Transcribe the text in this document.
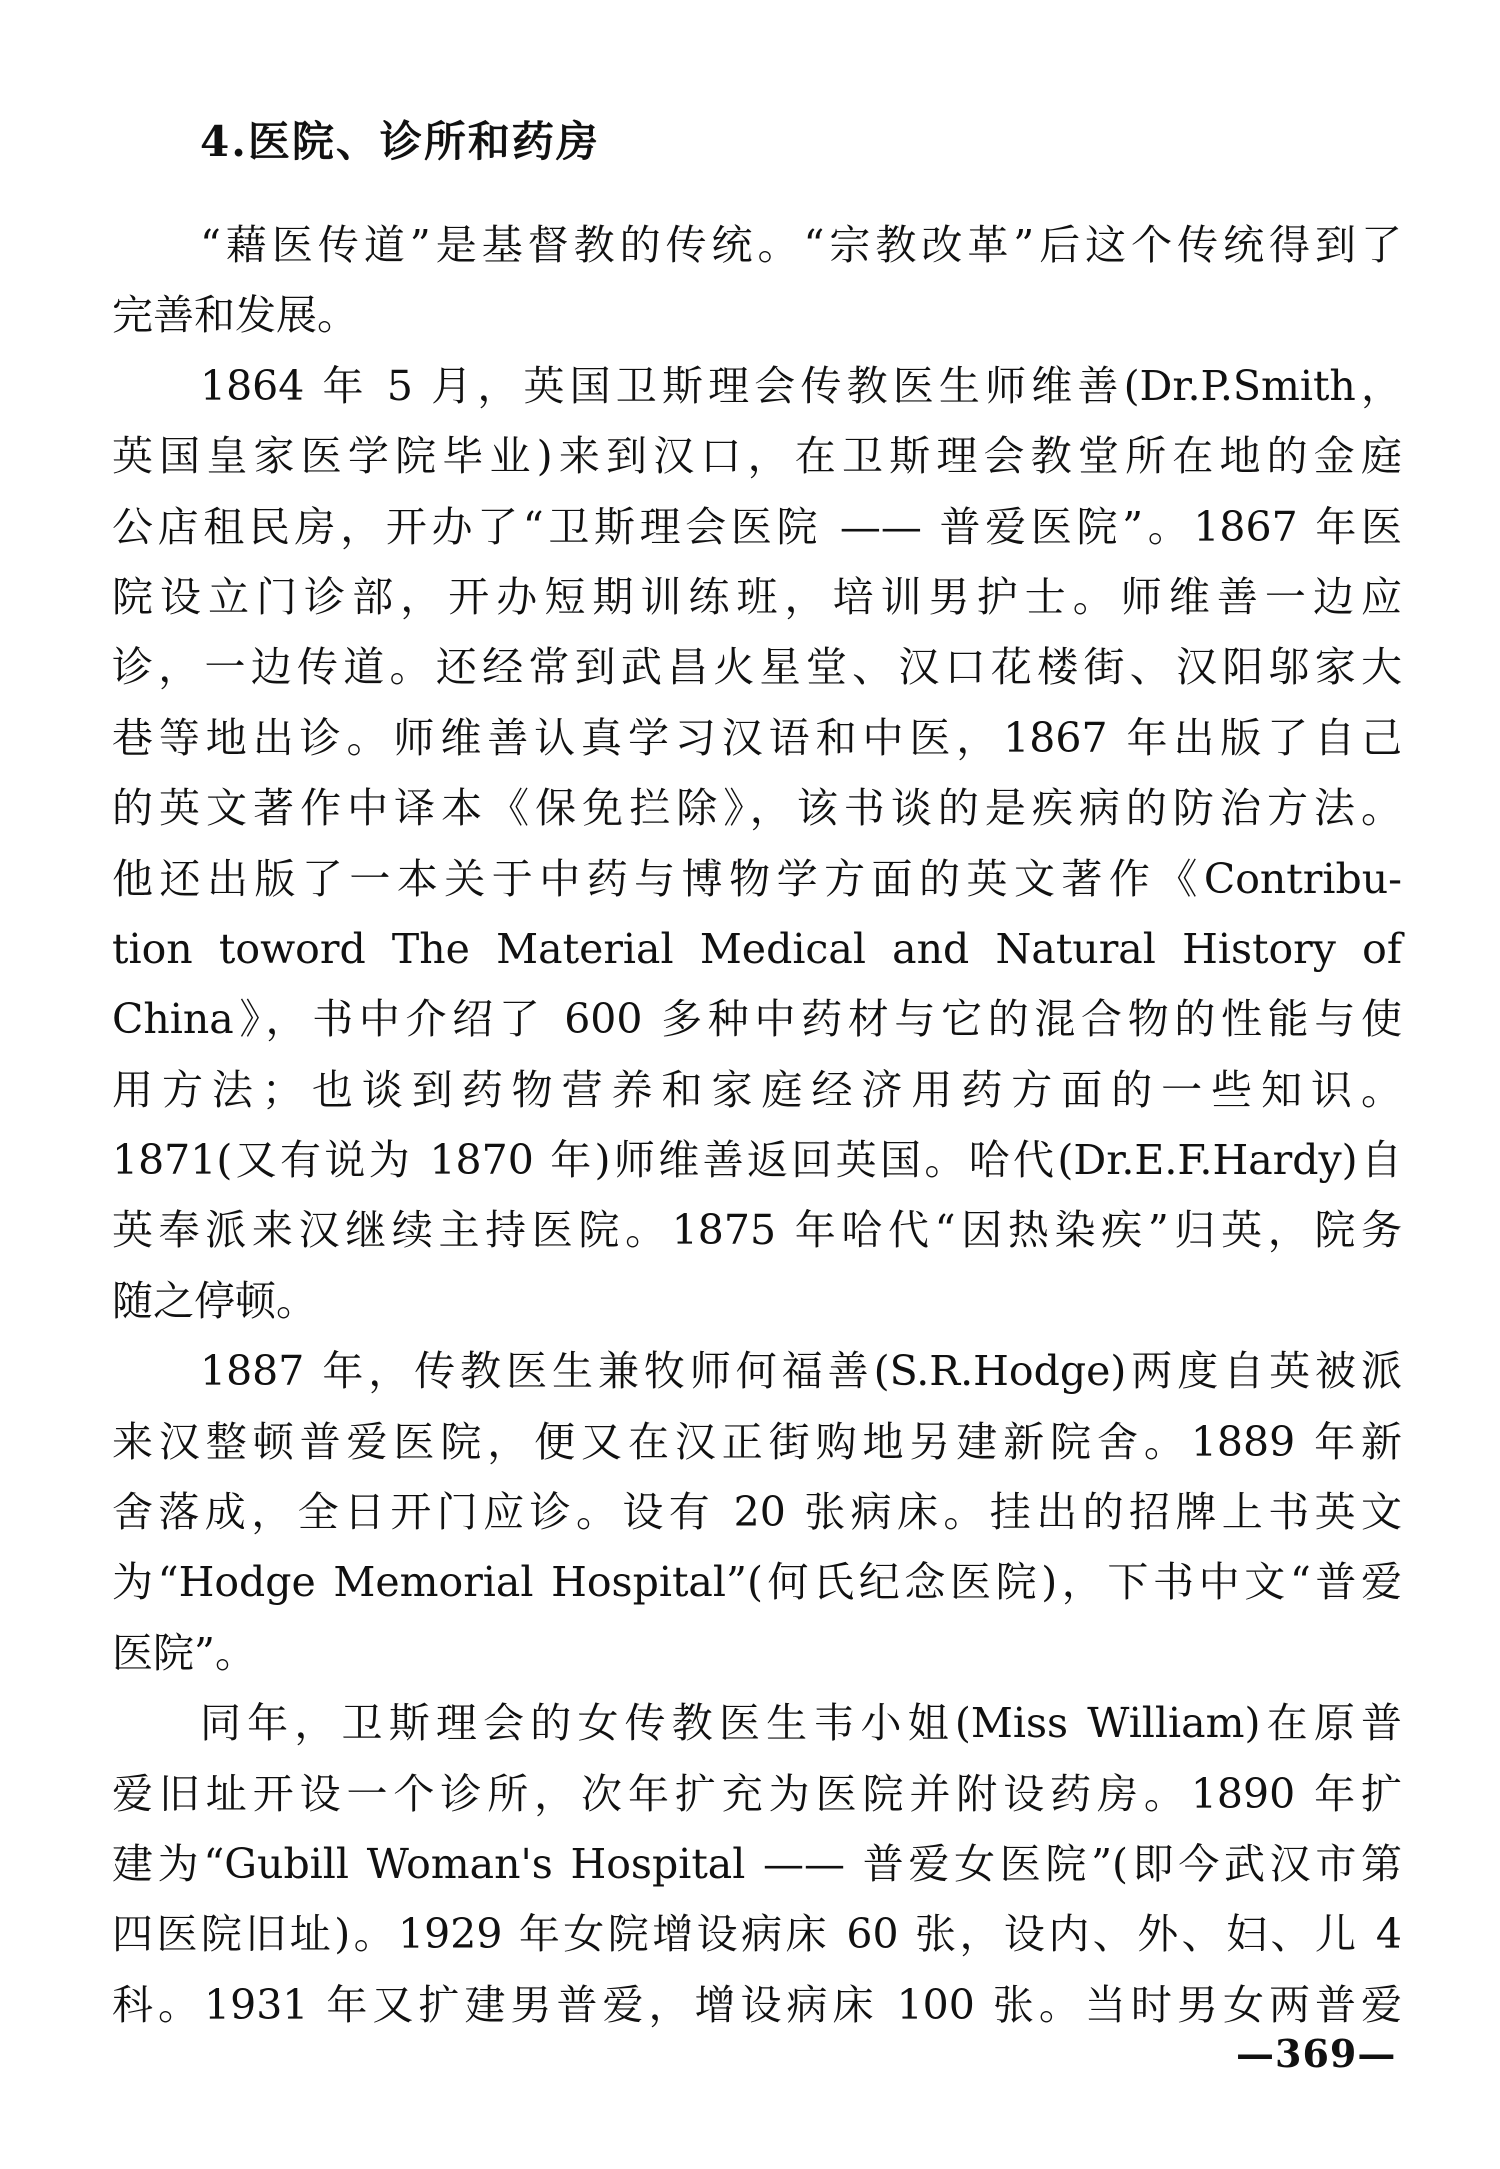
4.医院、诊所和药房
“藉医传道”是基督教的传统。“宗教改革”后这个传统得到了
完善和发展。
1864 年 5 月，英国卫斯理会传教医生师维善(Dr.P.Smith，
英国皇家医学院毕业)来到汉口，在卫斯理会教堂所在地的金庭
公店租民房，开办了“卫斯理会医院 —— 普爱医院”。1867 年医
院设立门诊部，开办短期训练班，培训男护士。师维善一边应
诊，一边传道。还经常到武昌火星堂、汉口花楼街、汉阳邬家大
巷等地出诊。师维善认真学习汉语和中医，1867 年出版了自己
的英文著作中译本《保免拦除》，该书谈的是疾病的防治方法。
他还出版了一本关于中药与博物学方面的英文著作《Contribu-
tion toword The Material Medical and Natural History of
China》，书中介绍了 600 多种中药材与它的混合物的性能与使
用方法；也谈到药物营养和家庭经济用药方面的一些知识。
1871(又有说为 1870 年)师维善返回英国。哈代(Dr.E.F.Hardy)自
英奉派来汉继续主持医院。1875 年哈代“因热染疾”归英，院务
随之停顿。
1887 年，传教医生兼牧师何福善(S.R.Hodge)两度自英被派
来汉整顿普爱医院，便又在汉正街购地另建新院舍。1889 年新
舍落成，全日开门应诊。设有 20 张病床。挂出的招牌上书英文
为“Hodge Memorial Hospital”(何氏纪念医院)，下书中文“普爱
医院”。
同年，卫斯理会的女传教医生韦小姐(Miss William)在原普
爱旧址开设一个诊所，次年扩充为医院并附设药房。1890 年扩
建为“Gubill Woman's Hospital —— 普爱女医院”(即今武汉市第
四医院旧址)。1929 年女院增设病床 60 张，设内、外、妇、儿 4
科。1931 年又扩建男普爱，增设病床 100 张。当时男女两普爱
—369—
